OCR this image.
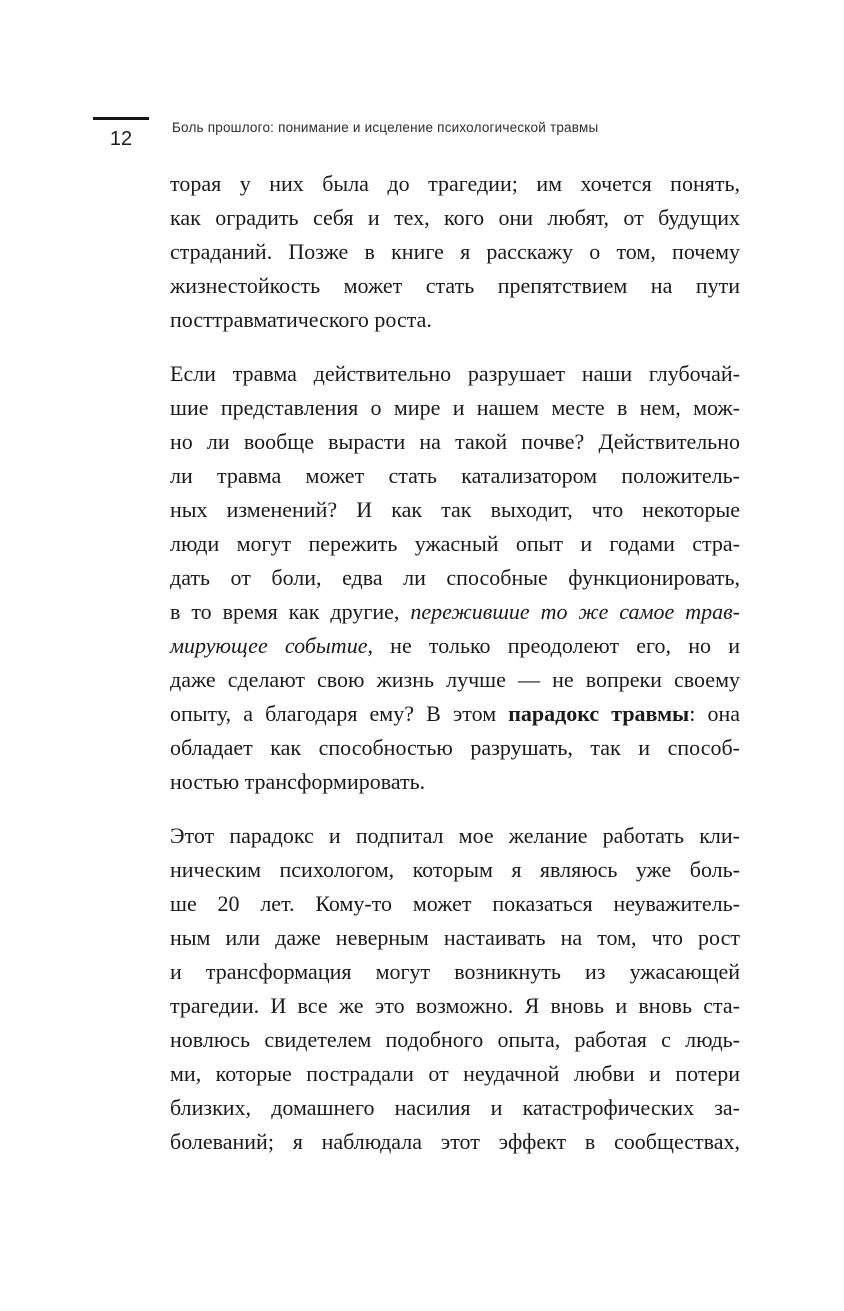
12
Боль прошлого: понимание и исцеление психологической травмы
торая у них была до трагедии; им хочется понять,
как оградить себя и тех, кого они любят, от будущих
страданий. Позже в книге я расскажу о том, почему
жизнестойкость может стать препятствием на пути
посттравматического роста.
Если травма действительно разрушает наши глубочай-
шие представления о мире и нашем месте в нем, мож-
но ли вообще вырасти на такой почве? Действительно
ли травма может стать катализатором положитель-
ных изменений? И как так выходит, что некоторые
люди могут пережить ужасный опыт и годами стра-
дать от боли, едва ли способные функционировать,
в то время как другие, пережившие то же самое трав-
мирующее событие, не только преодолеют его, но и
даже сделают свою жизнь лучше — не вопреки своему
опыту, а благодаря ему? В этом парадокс травмы: она
обладает как способностью разрушать, так и способ-
ностью трансформировать.
Этот парадокс и подпитал мое желание работать кли-
ническим психологом, которым я являюсь уже боль-
ше 20 лет. Кому-то может показаться неуважитель-
ным или даже неверным настаивать на том, что рост
и трансформация могут возникнуть из ужасающей
трагедии. И все же это возможно. Я вновь и вновь ста-
новлюсь свидетелем подобного опыта, работая с людь-
ми, которые пострадали от неудачной любви и потери
близких, домашнего насилия и катастрофических за-
болеваний; я наблюдала этот эффект в сообществах,
